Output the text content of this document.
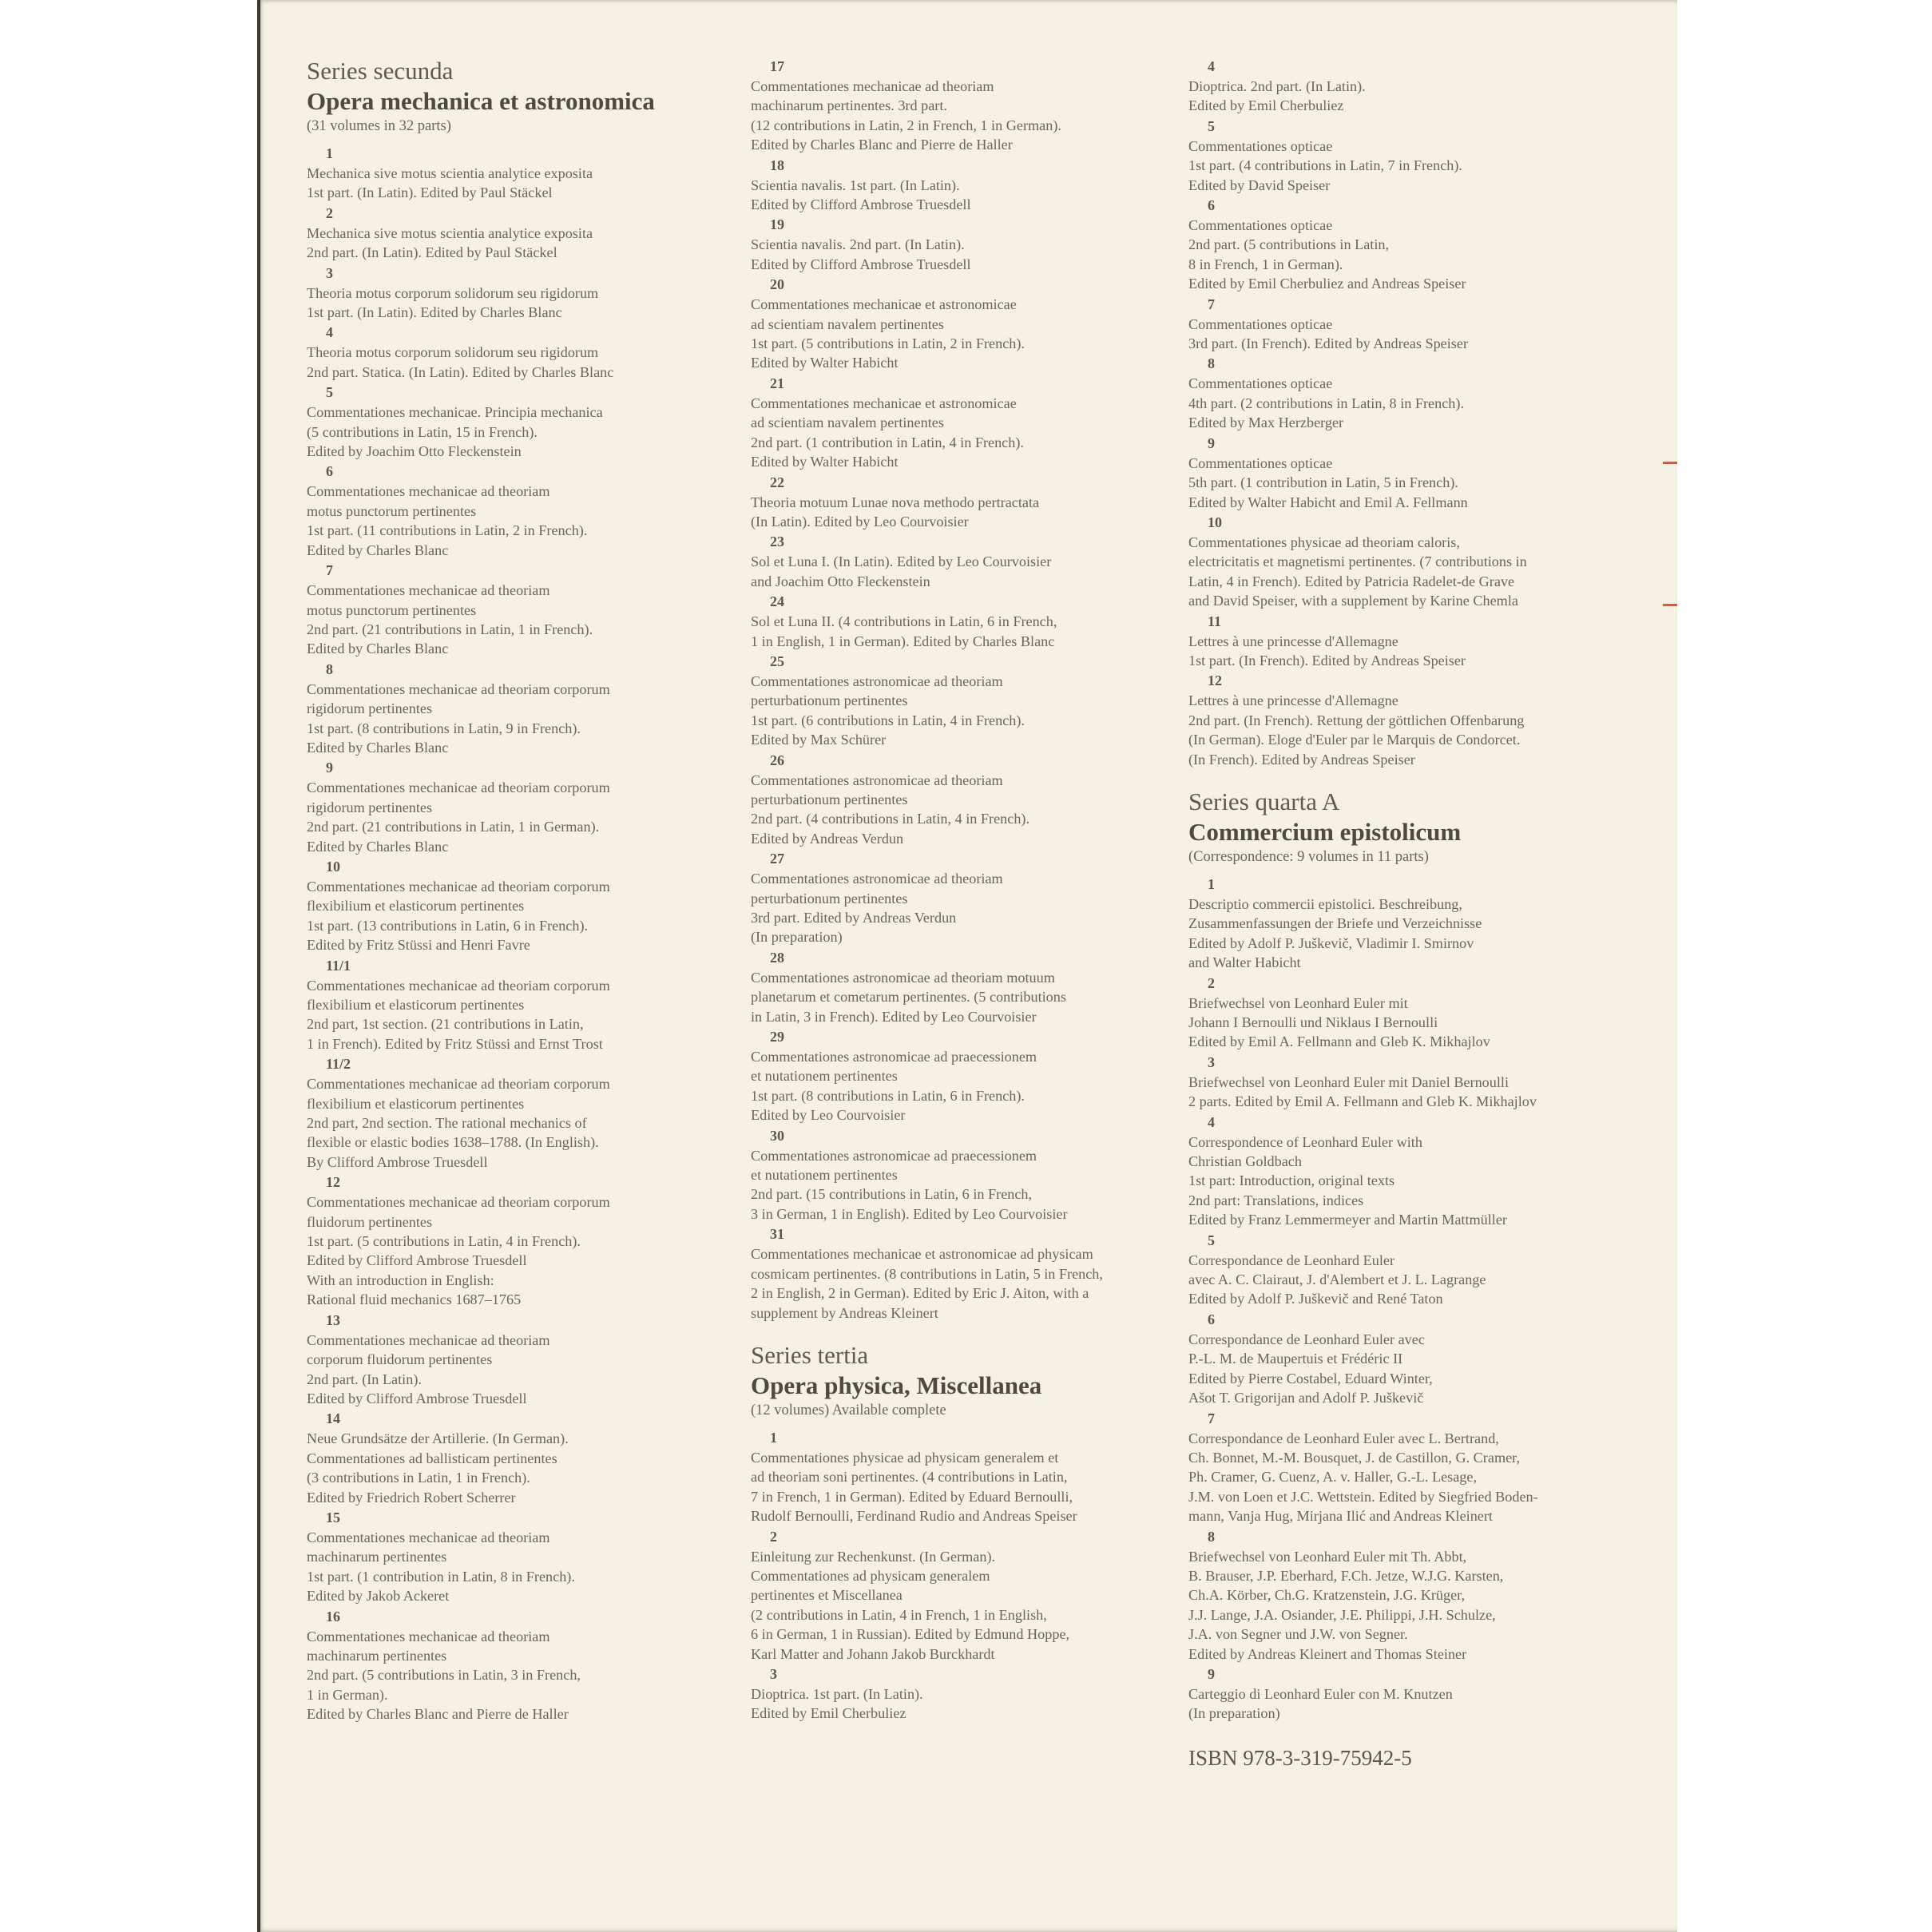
Series secunda
Opera mechanica et astronomica
(31 volumes in 32 parts)
1
Mechanica sive motus scientia analytice exposita
1st part. (In Latin). Edited by Paul Stäckel
2
Mechanica sive motus scientia analytice exposita
2nd part. (In Latin). Edited by Paul Stäckel
3
Theoria motus corporum solidorum seu rigidorum
1st part. (In Latin). Edited by Charles Blanc
4
Theoria motus corporum solidorum seu rigidorum
2nd part. Statica. (In Latin). Edited by Charles Blanc
5
Commentationes mechanicae. Principia mechanica
(5 contributions in Latin, 15 in French).
Edited by Joachim Otto Fleckenstein
6
Commentationes mechanicae ad theoriam
motus punctorum pertinentes
1st part. (11 contributions in Latin, 2 in French).
Edited by Charles Blanc
7
Commentationes mechanicae ad theoriam
motus punctorum pertinentes
2nd part. (21 contributions in Latin, 1 in French).
Edited by Charles Blanc
8
Commentationes mechanicae ad theoriam corporum
rigidorum pertinentes
1st part. (8 contributions in Latin, 9 in French).
Edited by Charles Blanc
9
Commentationes mechanicae ad theoriam corporum
rigidorum pertinentes
2nd part. (21 contributions in Latin, 1 in German).
Edited by Charles Blanc
10
Commentationes mechanicae ad theoriam corporum
flexibilium et elasticorum pertinentes
1st part. (13 contributions in Latin, 6 in French).
Edited by Fritz Stüssi and Henri Favre
11/1
Commentationes mechanicae ad theoriam corporum
flexibilium et elasticorum pertinentes
2nd part, 1st section. (21 contributions in Latin,
1 in French). Edited by Fritz Stüssi and Ernst Trost
11/2
Commentationes mechanicae ad theoriam corporum
flexibilium et elasticorum pertinentes
2nd part, 2nd section. The rational mechanics of
flexible or elastic bodies 1638–1788. (In English).
By Clifford Ambrose Truesdell
12
Commentationes mechanicae ad theoriam corporum
fluidorum pertinentes
1st part. (5 contributions in Latin, 4 in French).
Edited by Clifford Ambrose Truesdell
With an introduction in English:
Rational fluid mechanics 1687–1765
13
Commentationes mechanicae ad theoriam
corporum fluidorum pertinentes
2nd part. (In Latin).
Edited by Clifford Ambrose Truesdell
14
Neue Grundsätze der Artillerie. (In German).
Commentationes ad ballisticam pertinentes
(3 contributions in Latin, 1 in French).
Edited by Friedrich Robert Scherrer
15
Commentationes mechanicae ad theoriam
machinarum pertinentes
1st part. (1 contribution in Latin, 8 in French).
Edited by Jakob Ackeret
16
Commentationes mechanicae ad theoriam
machinarum pertinentes
2nd part. (5 contributions in Latin, 3 in French,
1 in German).
Edited by Charles Blanc and Pierre de Haller
17
Commentationes mechanicae ad theoriam
machinarum pertinentes. 3rd part.
(12 contributions in Latin, 2 in French, 1 in German).
Edited by Charles Blanc and Pierre de Haller
18
Scientia navalis. 1st part. (In Latin).
Edited by Clifford Ambrose Truesdell
19
Scientia navalis. 2nd part. (In Latin).
Edited by Clifford Ambrose Truesdell
20
Commentationes mechanicae et astronomicae
ad scientiam navalem pertinentes
1st part. (5 contributions in Latin, 2 in French).
Edited by Walter Habicht
21
Commentationes mechanicae et astronomicae
ad scientiam navalem pertinentes
2nd part. (1 contribution in Latin, 4 in French).
Edited by Walter Habicht
22
Theoria motuum Lunae nova methodo pertractata
(In Latin). Edited by Leo Courvoisier
23
Sol et Luna I. (In Latin). Edited by Leo Courvoisier
and Joachim Otto Fleckenstein
24
Sol et Luna II. (4 contributions in Latin, 6 in French,
1 in English, 1 in German). Edited by Charles Blanc
25
Commentationes astronomicae ad theoriam
perturbationum pertinentes
1st part. (6 contributions in Latin, 4 in French).
Edited by Max Schürer
26
Commentationes astronomicae ad theoriam
perturbationum pertinentes
2nd part. (4 contributions in Latin, 4 in French).
Edited by Andreas Verdun
27
Commentationes astronomicae ad theoriam
perturbationum pertinentes
3rd part. Edited by Andreas Verdun
(In preparation)
28
Commentationes astronomicae ad theoriam motuum
planetarum et cometarum pertinentes. (5 contributions
in Latin, 3 in French). Edited by Leo Courvoisier
29
Commentationes astronomicae ad praecessionem
et nutationem pertinentes
1st part. (8 contributions in Latin, 6 in French).
Edited by Leo Courvoisier
30
Commentationes astronomicae ad praecessionem
et nutationem pertinentes
2nd part. (15 contributions in Latin, 6 in French,
3 in German, 1 in English). Edited by Leo Courvoisier
31
Commentationes mechanicae et astronomicae ad physicam
cosmicam pertinentes. (8 contributions in Latin, 5 in French,
2 in English, 2 in German). Edited by Eric J. Aiton, with a
supplement by Andreas Kleinert
Series tertia
Opera physica, Miscellanea
(12 volumes) Available complete
1
Commentationes physicae ad physicam generalem et
ad theoriam soni pertinentes. (4 contributions in Latin,
7 in French, 1 in German). Edited by Eduard Bernoulli,
Rudolf Bernoulli, Ferdinand Rudio and Andreas Speiser
2
Einleitung zur Rechenkunst. (In German).
Commentationes ad physicam generalem
pertinentes et Miscellanea
(2 contributions in Latin, 4 in French, 1 in English,
6 in German, 1 in Russian). Edited by Edmund Hoppe,
Karl Matter and Johann Jakob Burckhardt
3
Dioptrica. 1st part. (In Latin).
Edited by Emil Cherbuliez
4
Dioptrica. 2nd part. (In Latin).
Edited by Emil Cherbuliez
5
Commentationes opticae
1st part. (4 contributions in Latin, 7 in French).
Edited by David Speiser
6
Commentationes opticae
2nd part. (5 contributions in Latin,
8 in French, 1 in German).
Edited by Emil Cherbuliez and Andreas Speiser
7
Commentationes opticae
3rd part. (In French). Edited by Andreas Speiser
8
Commentationes opticae
4th part. (2 contributions in Latin, 8 in French).
Edited by Max Herzberger
9
Commentationes opticae
5th part. (1 contribution in Latin, 5 in French).
Edited by Walter Habicht and Emil A. Fellmann
10
Commentationes physicae ad theoriam caloris,
electricitatis et magnetismi pertinentes. (7 contributions in
Latin, 4 in French). Edited by Patricia Radelet-de Grave
and David Speiser, with a supplement by Karine Chemla
11
Lettres à une princesse d'Allemagne
1st part. (In French). Edited by Andreas Speiser
12
Lettres à une princesse d'Allemagne
2nd part. (In French). Rettung der göttlichen Offenbarung
(In German). Eloge d'Euler par le Marquis de Condorcet.
(In French). Edited by Andreas Speiser
Series quarta A
Commercium epistolicum
(Correspondence: 9 volumes in 11 parts)
1
Descriptio commercii epistolici. Beschreibung,
Zusammenfassungen der Briefe und Verzeichnisse
Edited by Adolf P. Juškevič, Vladimir I. Smirnov
and Walter Habicht
2
Briefwechsel von Leonhard Euler mit
Johann I Bernoulli und Niklaus I Bernoulli
Edited by Emil A. Fellmann and Gleb K. Mikhajlov
3
Briefwechsel von Leonhard Euler mit Daniel Bernoulli
2 parts. Edited by Emil A. Fellmann and Gleb K. Mikhajlov
4
Correspondence of Leonhard Euler with
Christian Goldbach
1st part: Introduction, original texts
2nd part: Translations, indices
Edited by Franz Lemmermeyer and Martin Mattmüller
5
Correspondance de Leonhard Euler
avec A. C. Clairaut, J. d'Alembert et J. L. Lagrange
Edited by Adolf P. Juškevič and René Taton
6
Correspondance de Leonhard Euler avec
P.-L. M. de Maupertuis et Frédéric II
Edited by Pierre Costabel, Eduard Winter,
Ašot T. Grigorijan and Adolf P. Juškevič
7
Correspondance de Leonhard Euler avec L. Bertrand,
Ch. Bonnet, M.-M. Bousquet, J. de Castillon, G. Cramer,
Ph. Cramer, G. Cuenz, A. v. Haller, G.-L. Lesage,
J.M. von Loen et J.C. Wettstein. Edited by Siegfried Boden-
mann, Vanja Hug, Mirjana Ilić and Andreas Kleinert
8
Briefwechsel von Leonhard Euler mit Th. Abbt,
B. Brauser, J.P. Eberhard, F.Ch. Jetze, W.J.G. Karsten,
Ch.A. Körber, Ch.G. Kratzenstein, J.G. Krüger,
J.J. Lange, J.A. Osiander, J.E. Philippi, J.H. Schulze,
J.A. von Segner und J.W. von Segner.
Edited by Andreas Kleinert and Thomas Steiner
9
Carteggio di Leonhard Euler con M. Knutzen
(In preparation)
ISBN 978-3-319-75942-5
